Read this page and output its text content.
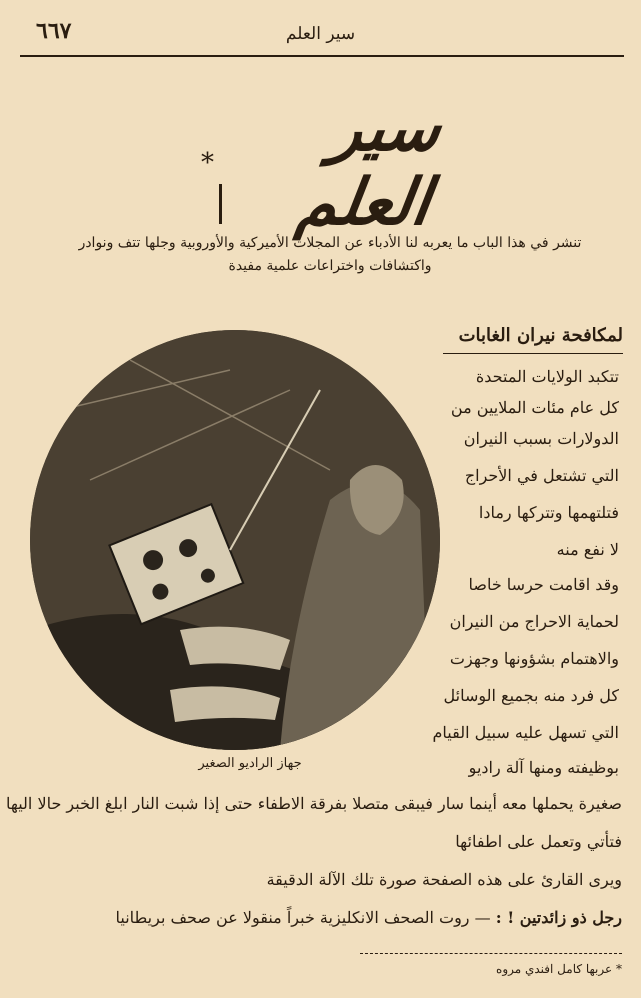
٦٦٧	سير العلم
سير العلم
*
تنشر في هذا الباب ما يعربه لنا الأدباء عن المجلات الأميركية والأوروبية وجلها تتف ونوادر
واكتشافات واختراعات علمية مفيدة
لمكافحة نيران الغابات
جهاز الراديو الصغير
تتكبد الولايات المتحدة
كل عام مئات الملايين من
الدولارات بسبب النيران
التي تشتعل في الأحراج
فتلتهمها وتتركها رمادا
لا نفع منه
وقد اقامت حرسا خاصا
لحماية الاحراج من النيران
والاهتمام بشؤونها وجهزت
كل فرد منه بجميع الوسائل
التي تسهل عليه سبيل القيام
بوظيفته ومنها آلة راديو
صغيرة يحملها معه أينما سار فيبقى متصلا بفرقة الاطفاء حتى إذا شبت النار ابلغ الخبر حالا اليها
فتأتي وتعمل على اطفائها
ويرى القارئ على هذه الصفحة صورة تلك الآلة الدقيقة
رجل ذو زائدتين ! : — روت الصحف الانكليزية خبراً منقولا عن صحف بريطانيا
* عربها كامل افندي مروه
